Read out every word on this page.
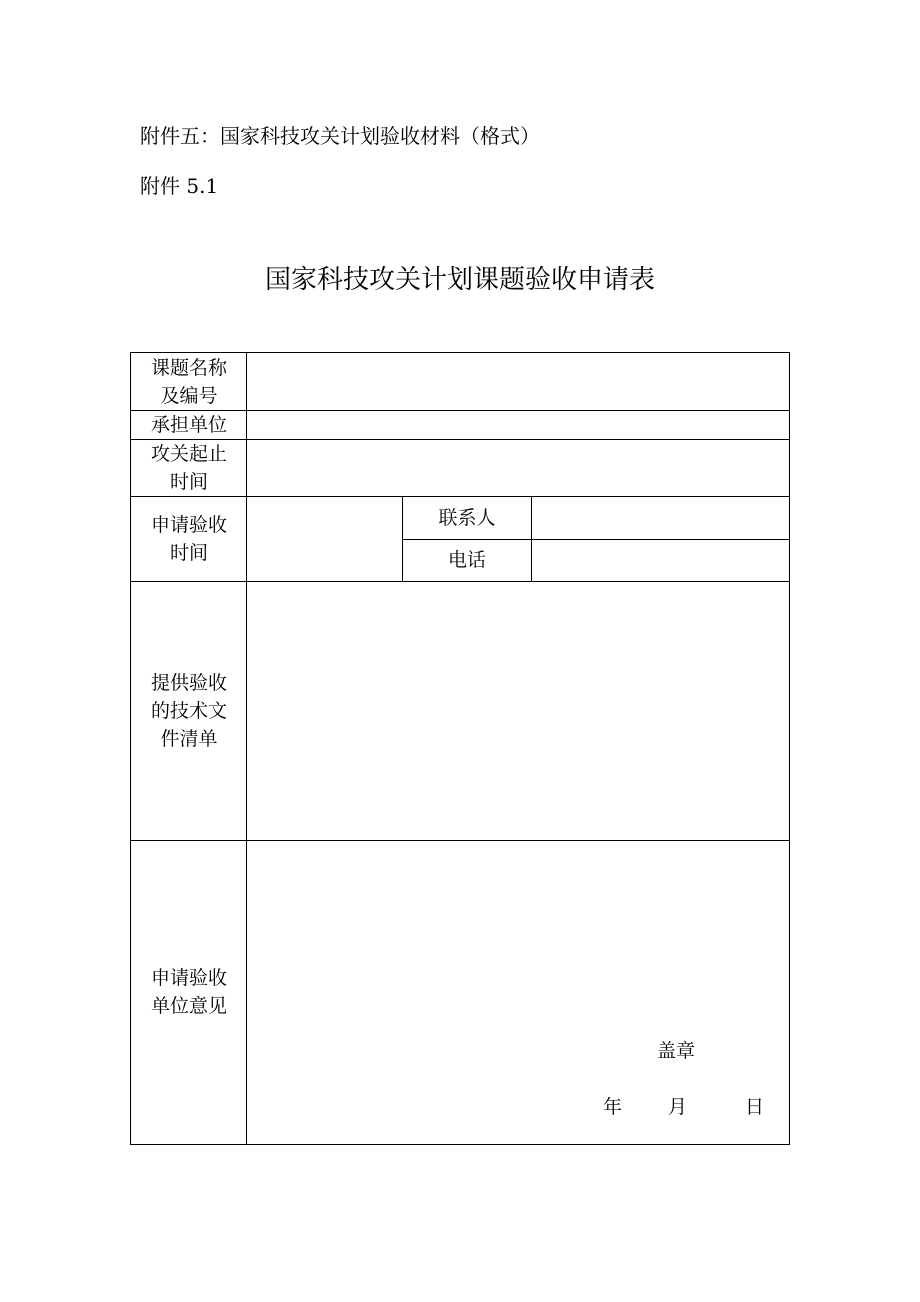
附件五：国家科技攻关计划验收材料（格式）
附件 5.1
国家科技攻关计划课题验收申请表
课题名称
及编号
承担单位
攻关起止
时间
申请验收
时间
联系人
电话
提供验收
的技术文
件清单
申请验收
单位意见
盖章
年 月	日
